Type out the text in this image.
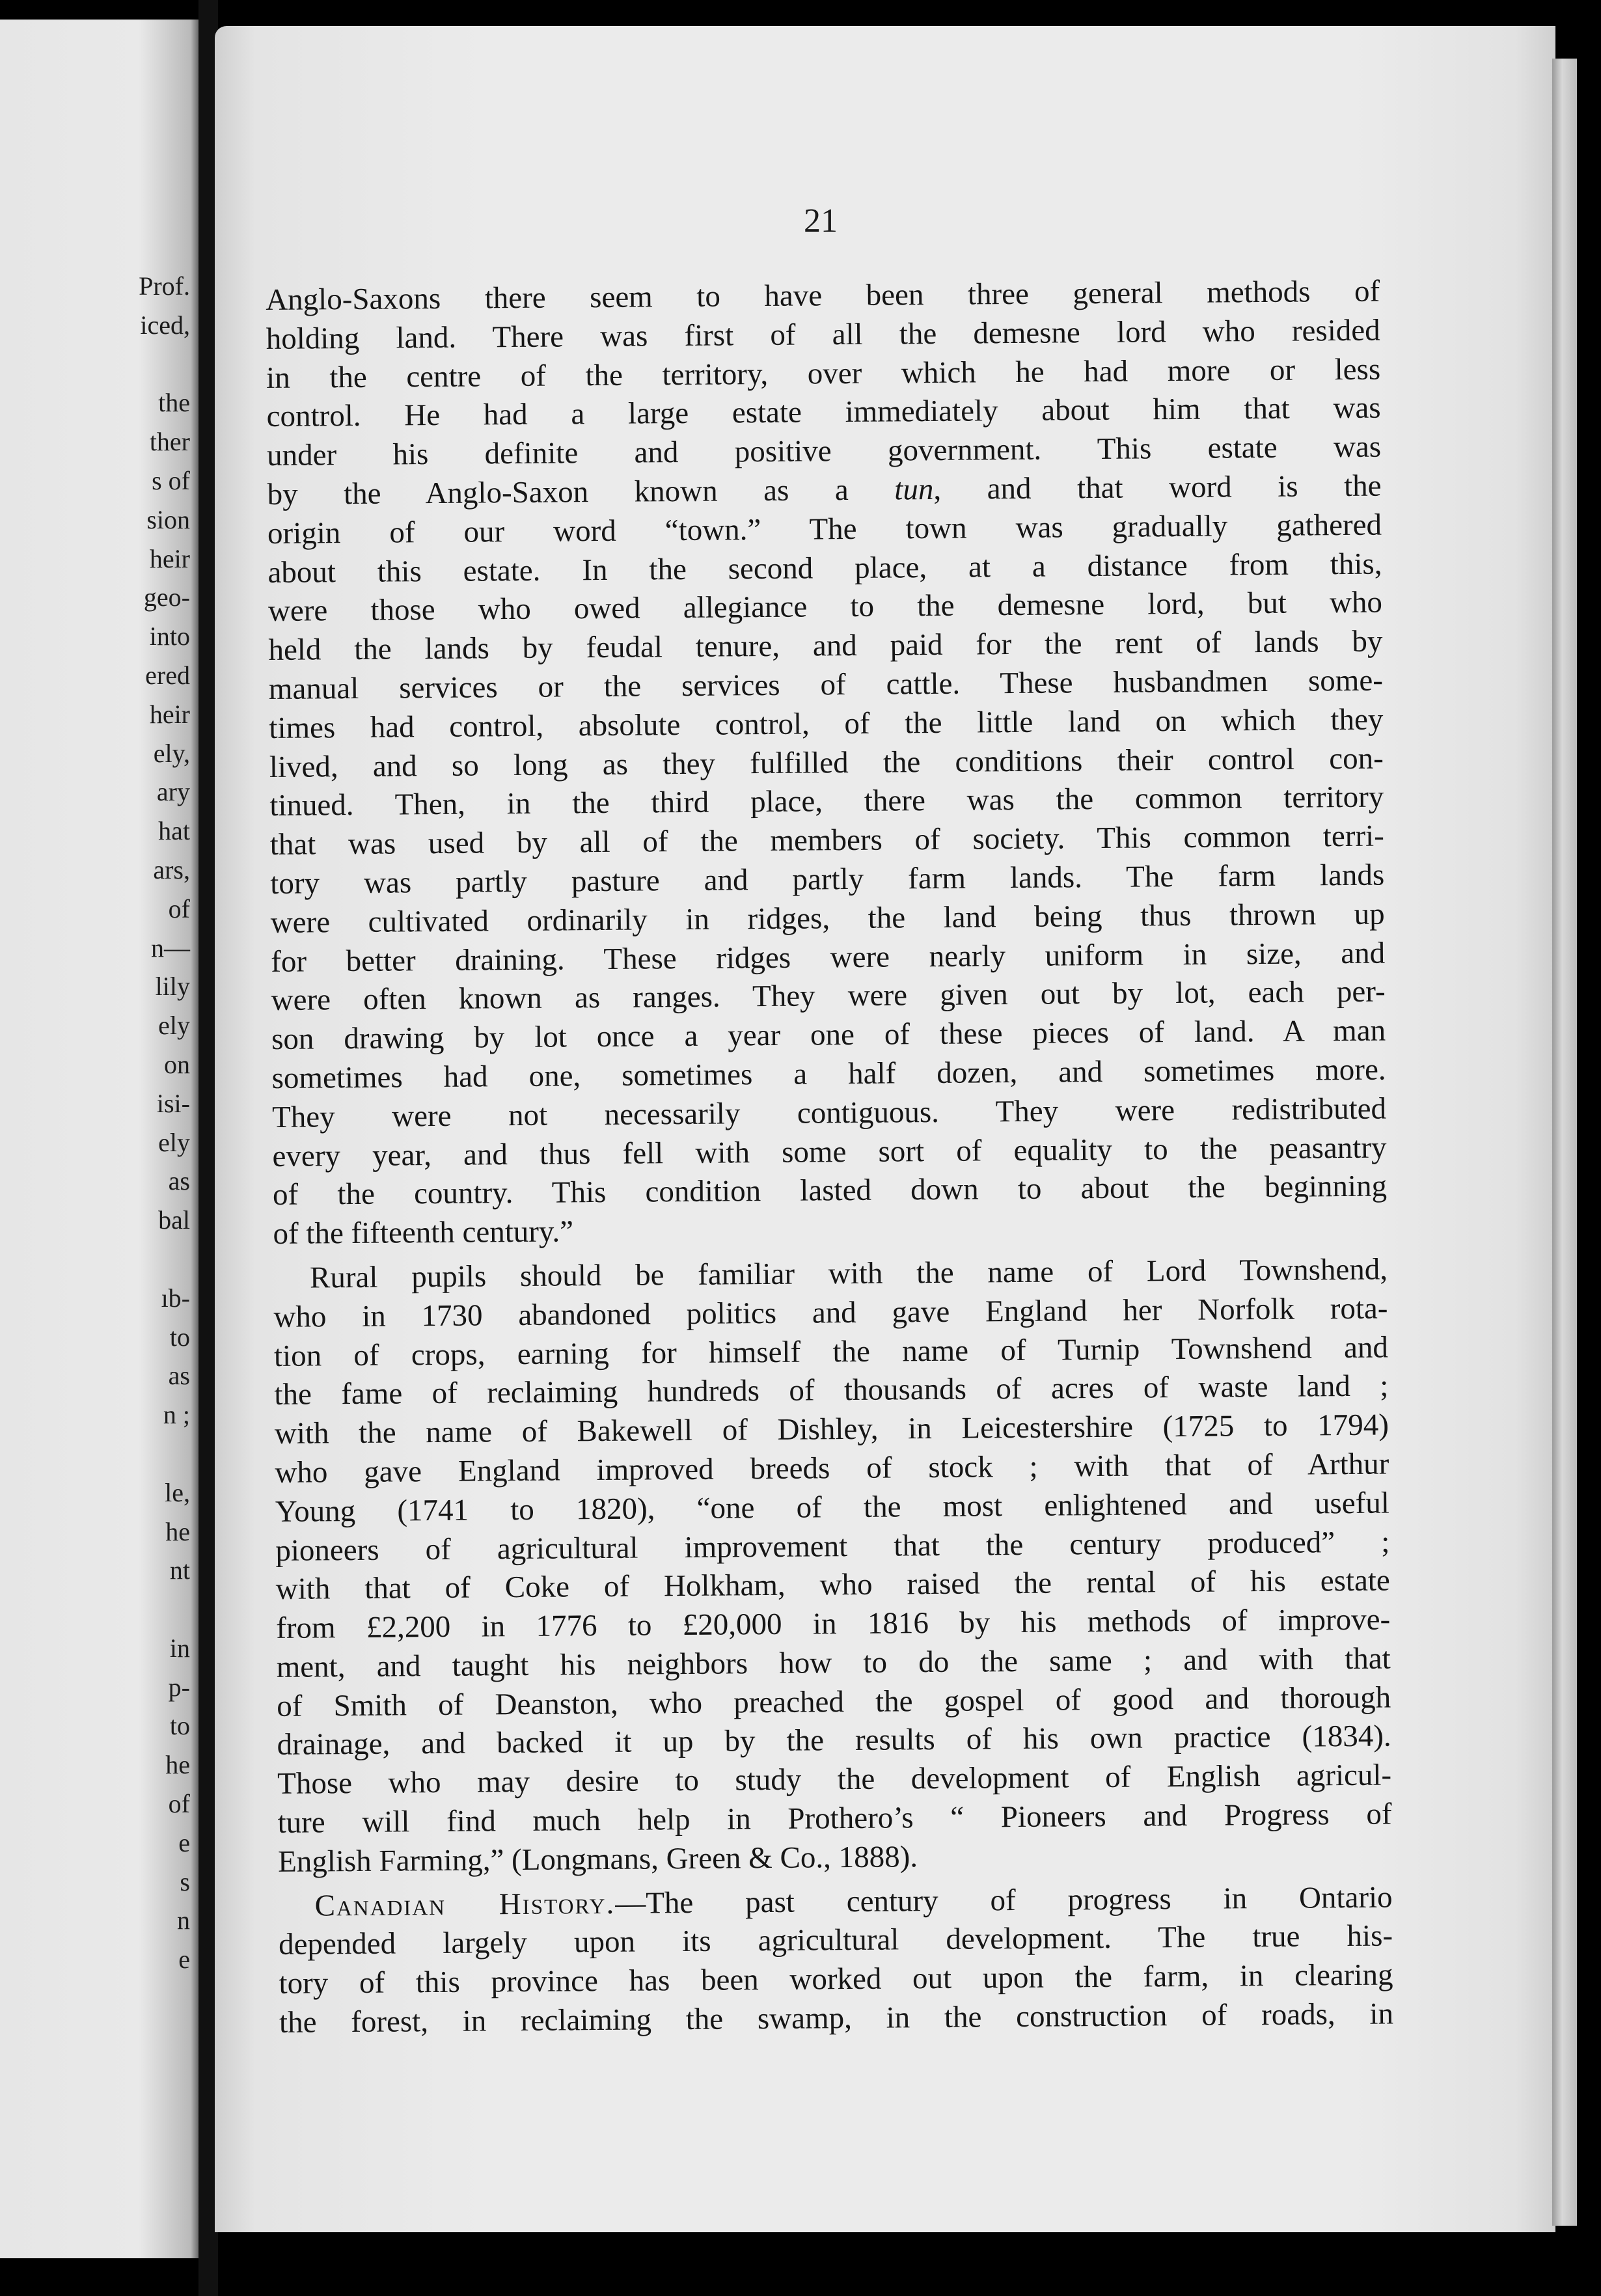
Prof.
iced,
the
ther
s of
sion
heir
geo-
into
ered
heir
ely,
ary
hat
ars,
of
n—
lily
ely
on
isi-
ely
as
bal
ıb-
to
as
n ;
le,
he
nt
in
p-
to
he
of
e
s
n
e
21
Anglo-Saxons there seem to have been three general methods of
holding land. There was first of all the demesne lord who resided
in the centre of the territory, over which he had more or less
control. He had a large estate immediately about him that was
under his definite and positive government. This estate was
by the Anglo-Saxon known as a tun, and that word is the
origin of our word “town.” The town was gradually gathered
about this estate. In the second place, at a distance from this,
were those who owed allegiance to the demesne lord, but who
held the lands by feudal tenure, and paid for the rent of lands by
manual services or the services of cattle. These husbandmen some-
times had control, absolute control, of the little land on which they
lived, and so long as they fulfilled the conditions their control con-
tinued. Then, in the third place, there was the common territory
that was used by all of the members of society. This common terri-
tory was partly pasture and partly farm lands. The farm lands
were cultivated ordinarily in ridges, the land being thus thrown up
for better draining. These ridges were nearly uniform in size, and
were often known as ranges. They were given out by lot, each per-
son drawing by lot once a year one of these pieces of land. A man
sometimes had one, sometimes a half dozen, and sometimes more.
They were not necessarily contiguous. They were redistributed
every year, and thus fell with some sort of equality to the peasantry
of the country. This condition lasted down to about the beginning
of the fifteenth century.”
Rural pupils should be familiar with the name of Lord Townshend,
who in 1730 abandoned politics and gave England her Norfolk rota-
tion of crops, earning for himself the name of Turnip Townshend and
the fame of reclaiming hundreds of thousands of acres of waste land ;
with the name of Bakewell of Dishley, in Leicestershire (1725 to 1794)
who gave England improved breeds of stock ; with that of Arthur
Young (1741 to 1820), “one of the most enlightened and useful
pioneers of agricultural improvement that the century produced” ;
with that of Coke of Holkham, who raised the rental of his estate
from £2,200 in 1776 to £20,000 in 1816 by his methods of improve-
ment, and taught his neighbors how to do the same ; and with that
of Smith of Deanston, who preached the gospel of good and thorough
drainage, and backed it up by the results of his own practice (1834).
Those who may desire to study the development of English agricul-
ture will find much help in Prothero’s “ Pioneers and Progress of
English Farming,” (Longmans, Green & Co., 1888).
Canadian History.—The past century of progress in Ontario
depended largely upon its agricultural development. The true his-
tory of this province has been worked out upon the farm, in clearing
the forest, in reclaiming the swamp, in the construction of roads, in
